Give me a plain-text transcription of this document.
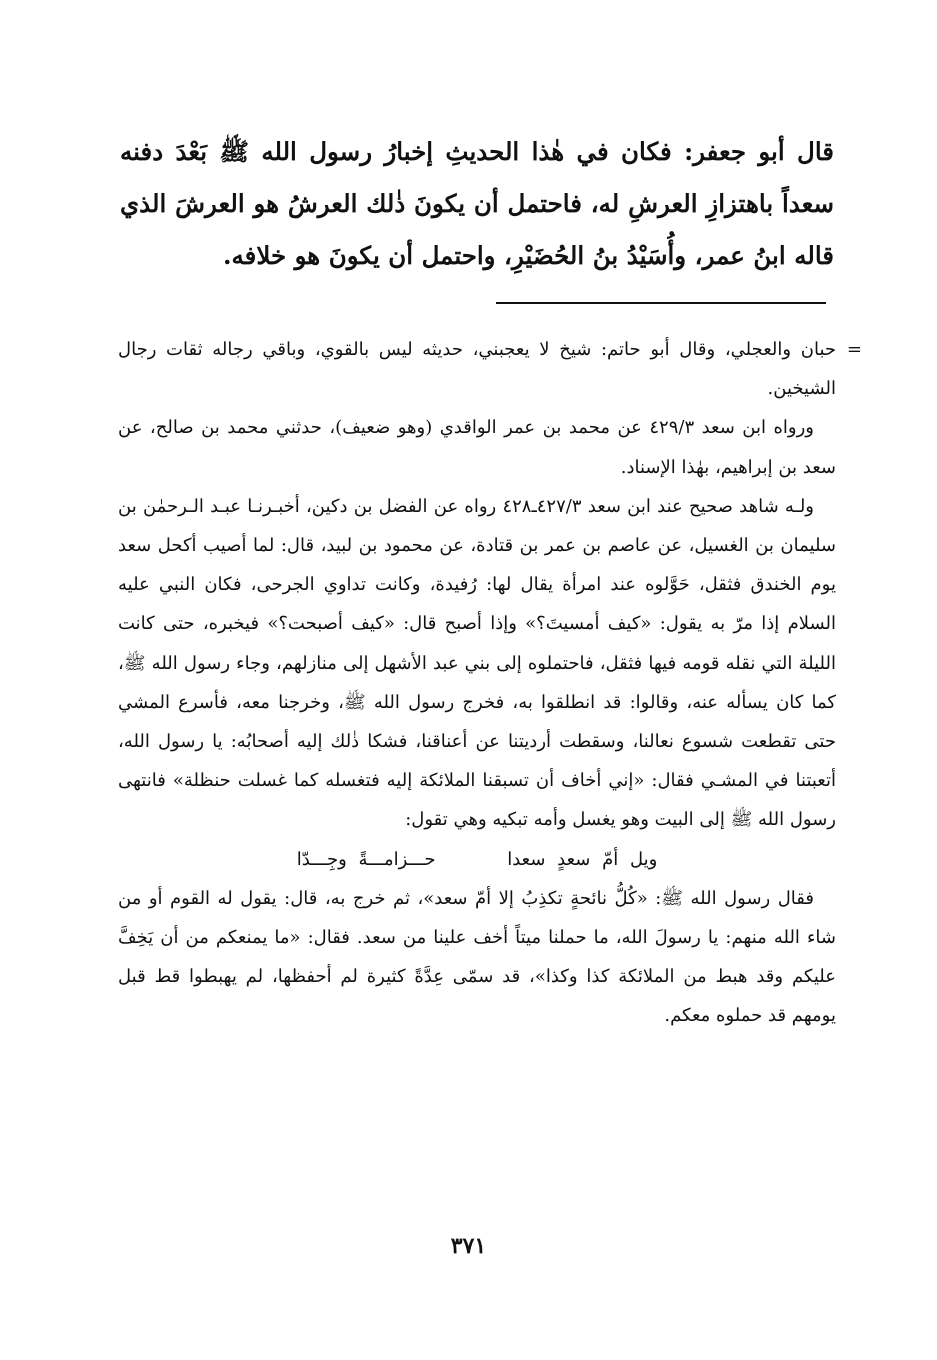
قال أبو جعفر: فكان في هٰذا الحديثِ إخبارُ رسول الله ﷺ بَعْدَ دفنه سعداً باهتزازِ العرشِ له، فاحتمل أن يكونَ ذٰلك العرشُ هو العرشَ الذي قاله ابنُ عمر، وأُسَيْدُ بنُ الحُضَيْرِ، واحتمل أن يكونَ هو خلافه.

=
حبان والعجلي، وقال أبو حاتم: شيخ لا يعجبني، حديثه ليس بالقوي، وباقي رجاله ثقات رجال الشيخين.

ورواه ابن سعد ٤٢٩/٣ عن محمد بن عمر الواقدي (وهو ضعيف)، حدثني محمد بن صالح، عن سعد بن إبراهيم، بهٰذا الإسناد.

ولـه شاهد صحيح عند ابن سعد ٤٢٧/٣ـ٤٢٨ رواه عن الفضل بن دكين، أخبـرنـا عبـد الـرحمٰن بن سليمان بن الغسيل، عن عاصم بن عمر بن قتادة، عن محمود بن لبيد، قال: لما أصيب أكحل سعد يوم الخندق فثقل، حَوَّلوه عند امرأة يقال لها: رُفيدة، وكانت تداوي الجرحى، فكان النبي عليه السلام إذا مرّ به يقول: «كيف أمسيتَ؟» وإذا أصبح قال: «كيف أصبحت؟» فيخبره، حتى كانت الليلة التي نقله قومه فيها فثقل، فاحتملوه إلى بني عبد الأشهل إلى منازلهم، وجاء رسول الله ﷺ، كما كان يسأله عنه، وقالوا: قد انطلقوا به، فخرج رسول الله ﷺ، وخرجنا معه، فأسرع المشي حتى تقطعت شسوع نعالنا، وسقطت أرديتنا عن أعناقنا، فشكا ذٰلك إليه أصحابُه: يا رسول الله، أتعبتنا في المشـي فقال: «إني أخاف أن تسبقنا الملائكة إليه فتغسله كما غسلت حنظلة» فانتهى رسول الله ﷺ إلى البيت وهو يغسل وأمه تبكيه وهي تقول:

ويل أمّ سعدٍ سعدا حـــزامـــةً وجِـــدّا

فقال رسول الله ﷺ: «كُلُّ نائحةٍ تكذِبُ إلا أمّ سعد»، ثم خرج به، قال: يقول له القوم أو من شاء الله منهم: يا رسولَ الله، ما حملنا ميتاً أخف علينا من سعد. فقال: «ما يمنعكم من أن يَخِفَّ عليكم وقد هبط من الملائكة كذا وكذا»، قد سمّى عِدَّةً كثيرة لم أحفظها، لم يهبطوا قط قبل يومهم قد حملوه معكم.

٣٧١
